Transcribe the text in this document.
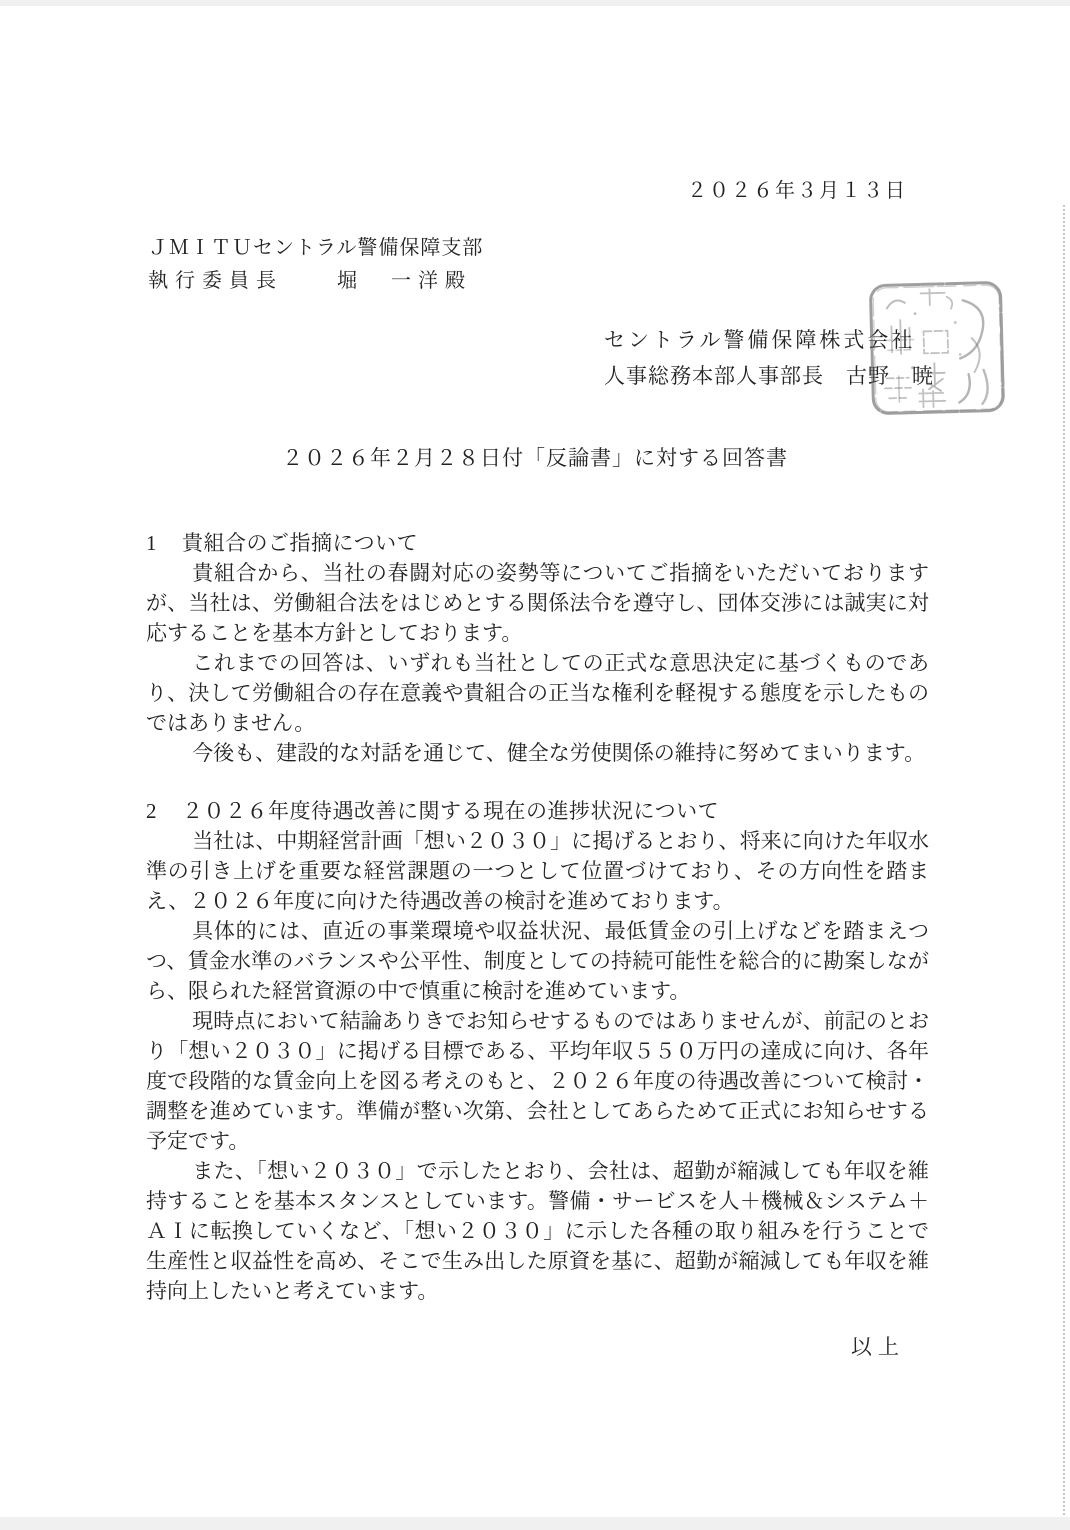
２０２６年３月１３日
ＪＭＩＴＵセントラル警備保障支部
執行委員長　　堀　一洋殿
セントラル警備保障株式会社
人事総務本部人事部長　古野　暁
２０２６年２月２８日付「反論書」に対する回答書
1	貴組合のご指摘について

貴組合から、当社の春闘対応の姿勢等についてご指摘をいただいておりますが、当社は、労働組合法をはじめとする関係法令を遵守し、団体交渉には誠実に対応することを基本方針としております。

これまでの回答は、いずれも当社としての正式な意思決定に基づくものであり、決して労働組合の存在意義や貴組合の正当な権利を軽視する態度を示したものではありません。

今後も、建設的な対話を通じて、健全な労使関係の維持に努めてまいります。

2	２０２６年度待遇改善に関する現在の進捗状況について

当社は、中期経営計画「想い２０３０」に掲げるとおり、将来に向けた年収水準の引き上げを重要な経営課題の一つとして位置づけており、その方向性を踏まえ、２０２６年度に向けた待遇改善の検討を進めております。

具体的には、直近の事業環境や収益状況、最低賃金の引上げなどを踏まえつつ、賃金水準のバランスや公平性、制度としての持続可能性を総合的に勘案しながら、限られた経営資源の中で慎重に検討を進めています。

現時点において結論ありきでお知らせするものではありませんが、前記のとおり「想い２０３０」に掲げる目標である、平均年収５５０万円の達成に向け、各年度で段階的な賃金向上を図る考えのもと、２０２６年度の待遇改善について検討・調整を進めています。準備が整い次第、会社としてあらためて正式にお知らせする予定です。

また、「想い２０３０」で示したとおり、会社は、超勤が縮減しても年収を維持することを基本スタンスとしています。警備・サービスを人＋機械＆システム＋ＡＩに転換していくなど、「想い２０３０」に示した各種の取り組みを行うことで生産性と収益性を高め、そこで生み出した原資を基に、超勤が縮減しても年収を維持向上したいと考えています。

以上
